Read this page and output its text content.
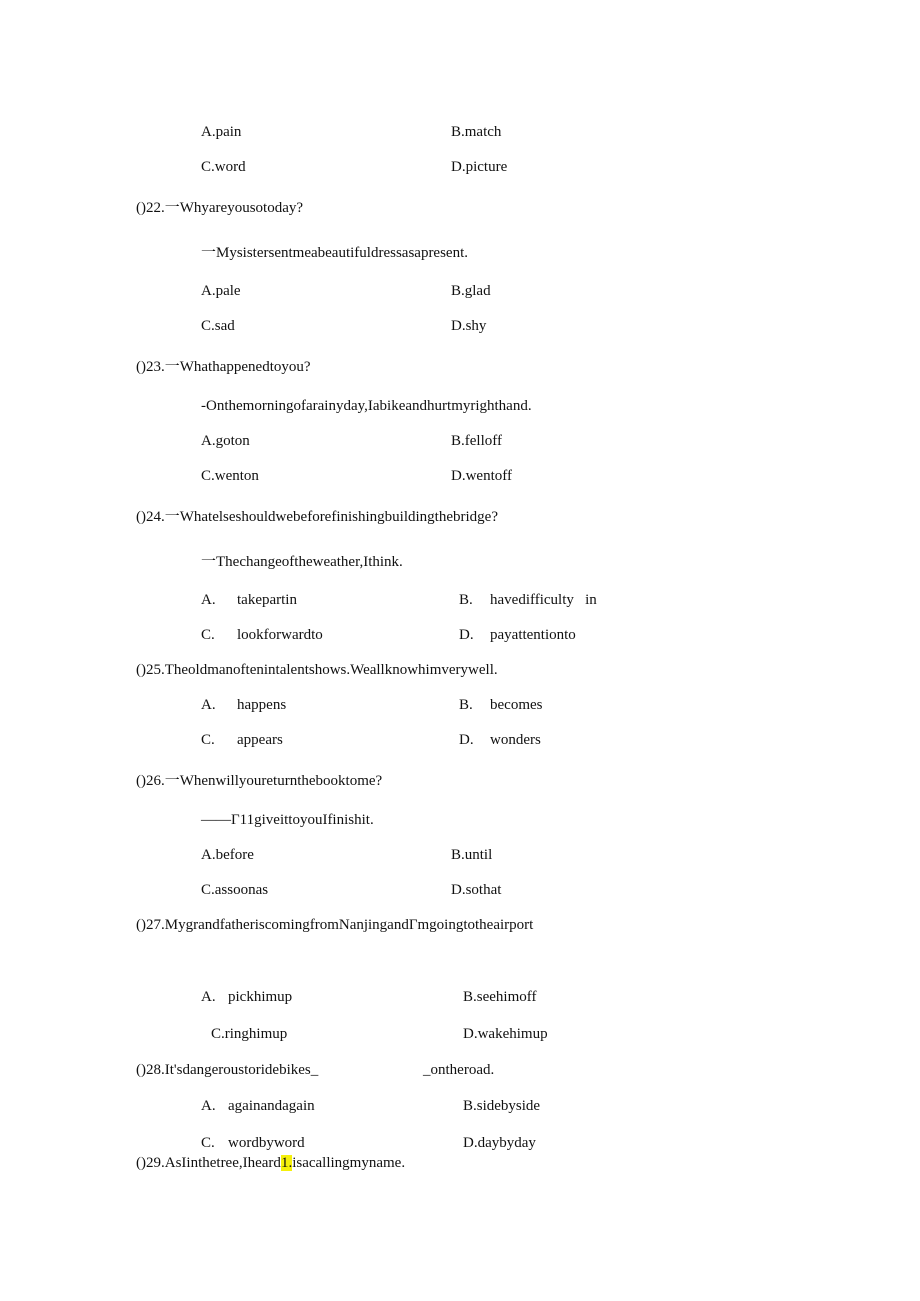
A.pain	B.match

C.word	D.picture

()22.一Whyareyousotoday?

一Mysistersentmeabeautifuldressasapresent.

A.pale	B.glad

C.sad	D.shy

()23.一Whathappenedtoyou?

-Onthemorningofarainyday,Iabikeandhurtmyrighthand.

A.goton	B.felloff

C.wenton	D.wentoff

()24.一Whatelseshouldwebeforefinishingbuildingthebridge?

一Thechangeoftheweather,Ithink.

A. takepartin	B. havedifficulty   in

C. lookforwardto	D. payattentionto

()25.Theoldmanoftenintalentshows.Weallknowhimverywell.

A. happens	B. becomes

C. appears	D. wonders

()26.一Whenwillyoureturnthebooktome?

——Γ11giveittoyouIfinishit.

A.before	B.until

C.assoonas	D.sothat

()27.MygrandfatheriscomingfromNanjingandΓmgoingtotheairport

A. pickhimup	B.seehimoff

C.ringhimup	D.wakehimup

()28.It'sdangeroustoridebikes_	_ontheroad.

A. againandagain	B.sidebyside

C. wordbyword	D.daybyday

()29.AsIinthetree,Iheard1.isacallingmyname.
